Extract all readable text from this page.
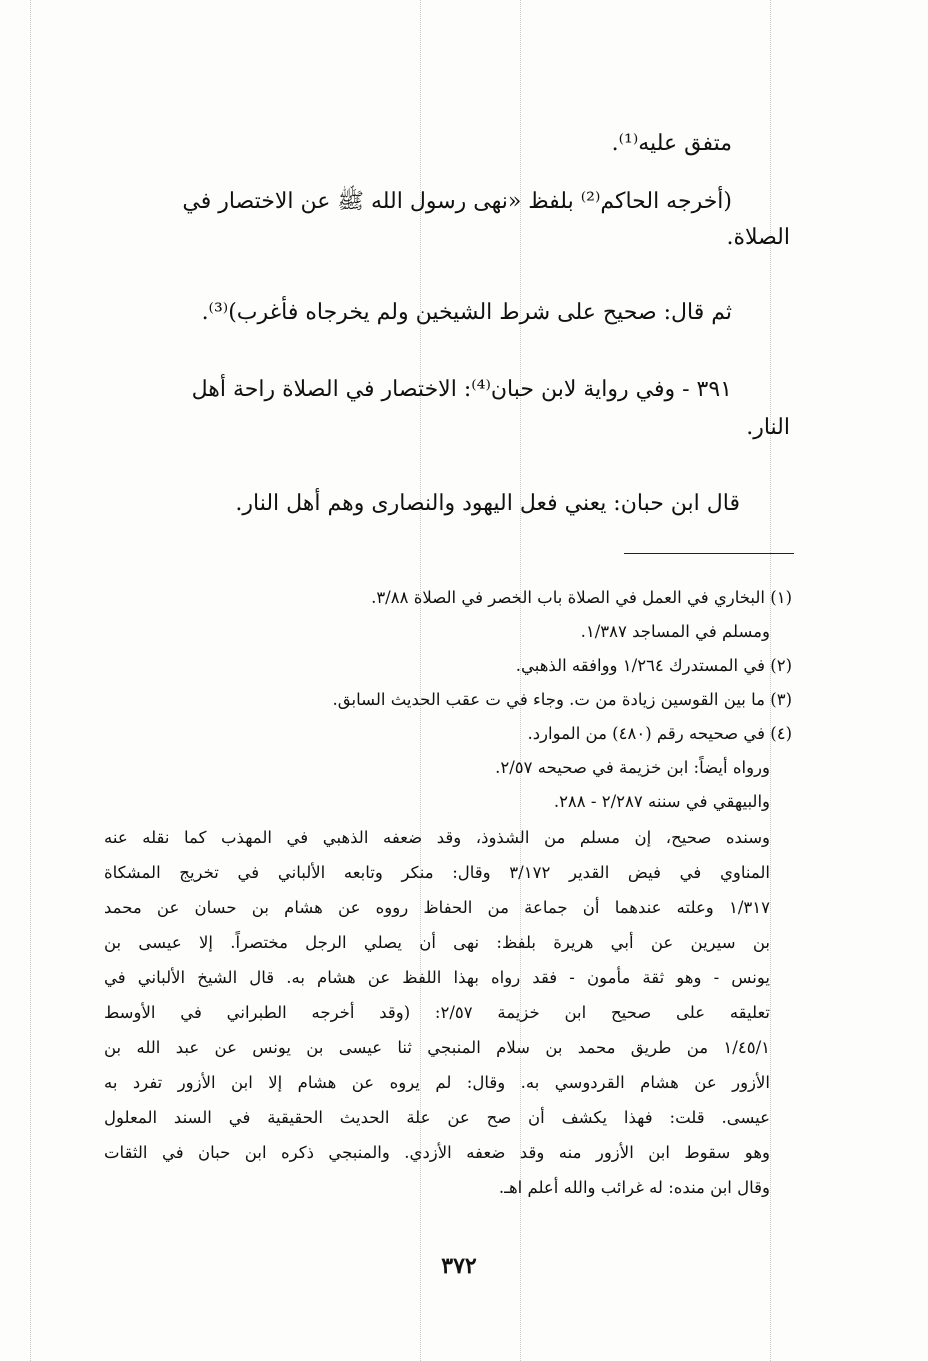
متفق عليه⁽¹⁾.
(أخرجه الحاكم⁽²⁾ بلفظ «نهى رسول الله ﷺ عن الاختصار في
الصلاة.
ثم قال: صحيح على شرط الشيخين ولم يخرجاه فأغرب)⁽³⁾.
٣٩١ - وفي رواية لابن حبان⁽⁴⁾: الاختصار في الصلاة راحة أهل
النار.
قال ابن حبان: يعني فعل اليهود والنصارى وهم أهل النار.
(١) البخاري في العمل في الصلاة باب الخصر في الصلاة ٣/٨٨.
ومسلم في المساجد ١/٣٨٧.
(٢) في المستدرك ١/٢٦٤ ووافقه الذهبي.
(٣) ما بين القوسين زيادة من ت. وجاء في ت عقب الحديث السابق.
(٤) في صحيحه رقم (٤٨٠) من الموارد.
ورواه أيضاً: ابن خزيمة في صحيحه ٢/٥٧.
والبيهقي في سننه ٢/٢٨٧ - ٢٨٨.
وسنده صحيح، إن مسلم من الشذوذ، وقد ضعفه الذهبي في المهذب كما نقله عنه
المناوي في فيض القدير ٣/١٧٢ وقال: منكر وتابعه الألباني في تخريج المشكاة
١/٣١٧ وعلته عندهما أن جماعة من الحفاظ رووه عن هشام بن حسان عن محمد
بن سيرين عن أبي هريرة بلفظ: نهى أن يصلي الرجل مختصراً. إلا عيسى بن
يونس - وهو ثقة مأمون - فقد رواه بهذا اللفظ عن هشام به. قال الشيخ الألباني في
تعليقه على صحيح ابن خزيمة ٢/٥٧: (وقد أخرجه الطبراني في الأوسط
١/٤٥/١ من طريق محمد بن سلام المنبجي ثنا عيسى بن يونس عن عبد الله بن
الأزور عن هشام القردوسي به. وقال: لم يروه عن هشام إلا ابن الأزور تفرد به
عيسى. قلت: فهذا يكشف أن صح عن علة الحديث الحقيقية في السند المعلول
وهو سقوط ابن الأزور منه وقد ضعفه الأزدي. والمنبجي ذكره ابن حبان في الثقات
وقال ابن منده: له غرائب والله أعلم اهـ.
٣٧٢
